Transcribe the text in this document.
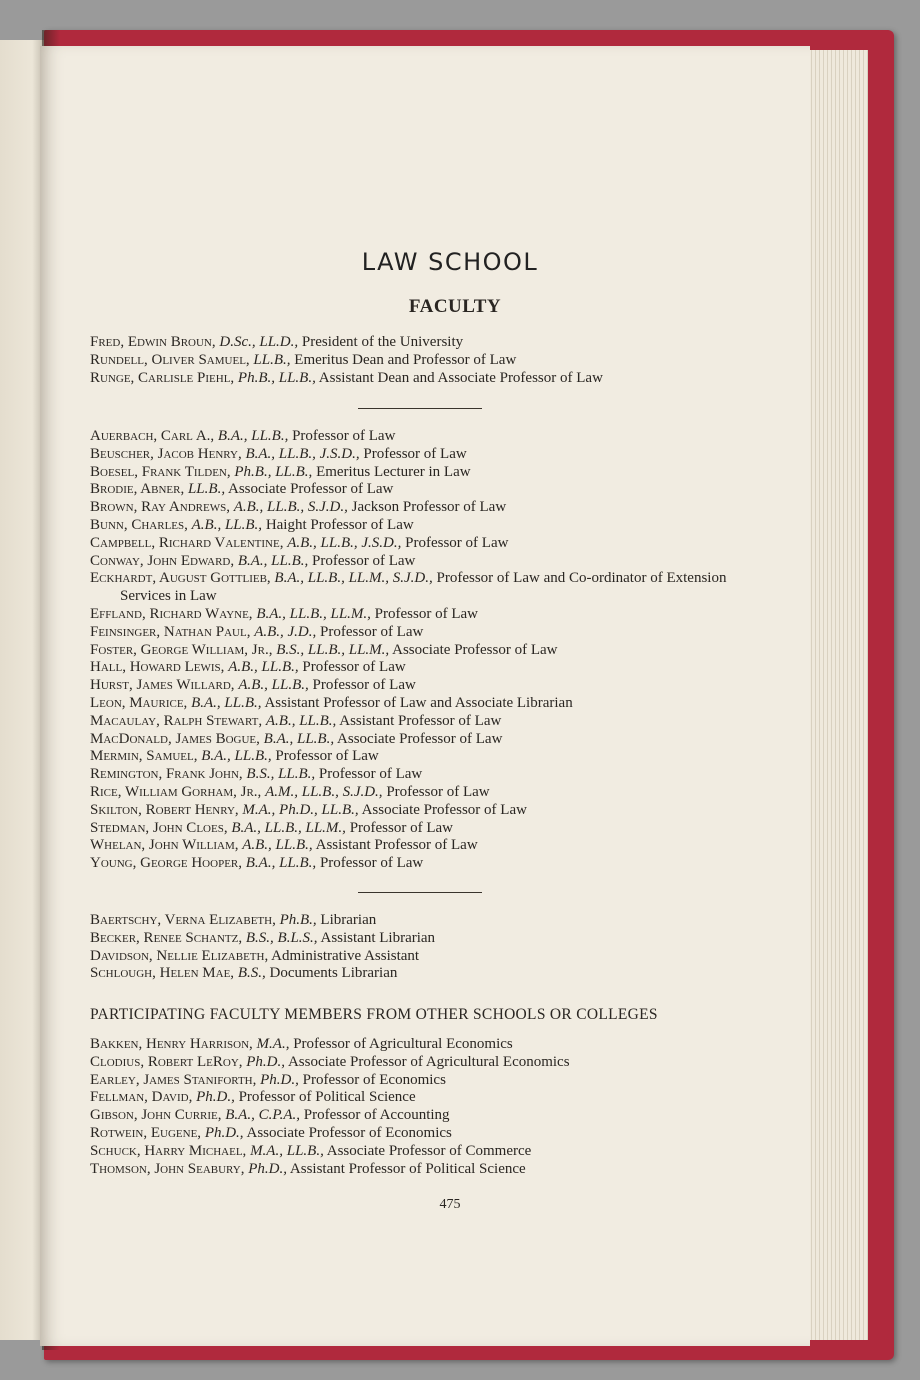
LAW SCHOOL
FACULTY
Fred, Edwin Broun, D.Sc., LL.D., President of the University
Rundell, Oliver Samuel, LL.B., Emeritus Dean and Professor of Law
Runge, Carlisle Piehl, Ph.B., LL.B., Assistant Dean and Associate Professor of Law
Auerbach, Carl A., B.A., LL.B., Professor of Law
Beuscher, Jacob Henry, B.A., LL.B., J.S.D., Professor of Law
Boesel, Frank Tilden, Ph.B., LL.B., Emeritus Lecturer in Law
Brodie, Abner, LL.B., Associate Professor of Law
Brown, Ray Andrews, A.B., LL.B., S.J.D., Jackson Professor of Law
Bunn, Charles, A.B., LL.B., Haight Professor of Law
Campbell, Richard Valentine, A.B., LL.B., J.S.D., Professor of Law
Conway, John Edward, B.A., LL.B., Professor of Law
Eckhardt, August Gottlieb, B.A., LL.B., LL.M., S.J.D., Professor of Law and Co-ordinator of Extension Services in Law
Effland, Richard Wayne, B.A., LL.B., LL.M., Professor of Law
Feinsinger, Nathan Paul, A.B., J.D., Professor of Law
Foster, George William, Jr., B.S., LL.B., LL.M., Associate Professor of Law
Hall, Howard Lewis, A.B., LL.B., Professor of Law
Hurst, James Willard, A.B., LL.B., Professor of Law
Leon, Maurice, B.A., LL.B., Assistant Professor of Law and Associate Librarian
Macaulay, Ralph Stewart, A.B., LL.B., Assistant Professor of Law
MacDonald, James Bogue, B.A., LL.B., Associate Professor of Law
Mermin, Samuel, B.A., LL.B., Professor of Law
Remington, Frank John, B.S., LL.B., Professor of Law
Rice, William Gorham, Jr., A.M., LL.B., S.J.D., Professor of Law
Skilton, Robert Henry, M.A., Ph.D., LL.B., Associate Professor of Law
Stedman, John Cloes, B.A., LL.B., LL.M., Professor of Law
Whelan, John William, A.B., LL.B., Assistant Professor of Law
Young, George Hooper, B.A., LL.B., Professor of Law
Baertschy, Verna Elizabeth, Ph.B., Librarian
Becker, Renee Schantz, B.S., B.L.S., Assistant Librarian
Davidson, Nellie Elizabeth, Administrative Assistant
Schlough, Helen Mae, B.S., Documents Librarian
PARTICIPATING FACULTY MEMBERS FROM OTHER SCHOOLS OR COLLEGES
Bakken, Henry Harrison, M.A., Professor of Agricultural Economics
Clodius, Robert LeRoy, Ph.D., Associate Professor of Agricultural Economics
Earley, James Staniforth, Ph.D., Professor of Economics
Fellman, David, Ph.D., Professor of Political Science
Gibson, John Currie, B.A., C.P.A., Professor of Accounting
Rotwein, Eugene, Ph.D., Associate Professor of Economics
Schuck, Harry Michael, M.A., LL.B., Associate Professor of Commerce
Thomson, John Seabury, Ph.D., Assistant Professor of Political Science
475
